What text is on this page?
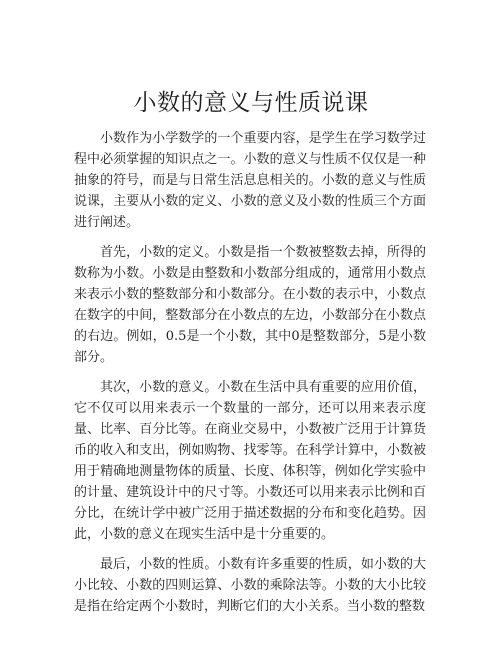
小数的意义与性质说课

小数作为小学数学的一个重要内容，是学生在学习数学过程中必须掌握的知识点之一。小数的意义与性质不仅仅是一种抽象的符号，而是与日常生活息息相关的。小数的意义与性质说课，主要从小数的定义、小数的意义及小数的性质三个方面进行阐述。

首先，小数的定义。小数是指一个数被整数去掉，所得的数称为小数。小数是由整数和小数部分组成的，通常用小数点来表示小数的整数部分和小数部分。在小数的表示中，小数点在数字的中间，整数部分在小数点的左边，小数部分在小数点的右边。例如，0.5是一个小数，其中0是整数部分，5是小数部分。

其次，小数的意义。小数在生活中具有重要的应用价值，它不仅可以用来表示一个数量的一部分，还可以用来表示度量、比率、百分比等。在商业交易中，小数被广泛用于计算货币的收入和支出，例如购物、找零等。在科学计算中，小数被用于精确地测量物体的质量、长度、体积等，例如化学实验中的计量、建筑设计中的尺寸等。小数还可以用来表示比例和百分比，在统计学中被广泛用于描述数据的分布和变化趋势。因此，小数的意义在现实生活中是十分重要的。

最后，小数的性质。小数有许多重要的性质，如小数的大小比较、小数的四则运算、小数的乘除法等。小数的大小比较是指在给定两个小数时，判断它们的大小关系。当小数的整数
